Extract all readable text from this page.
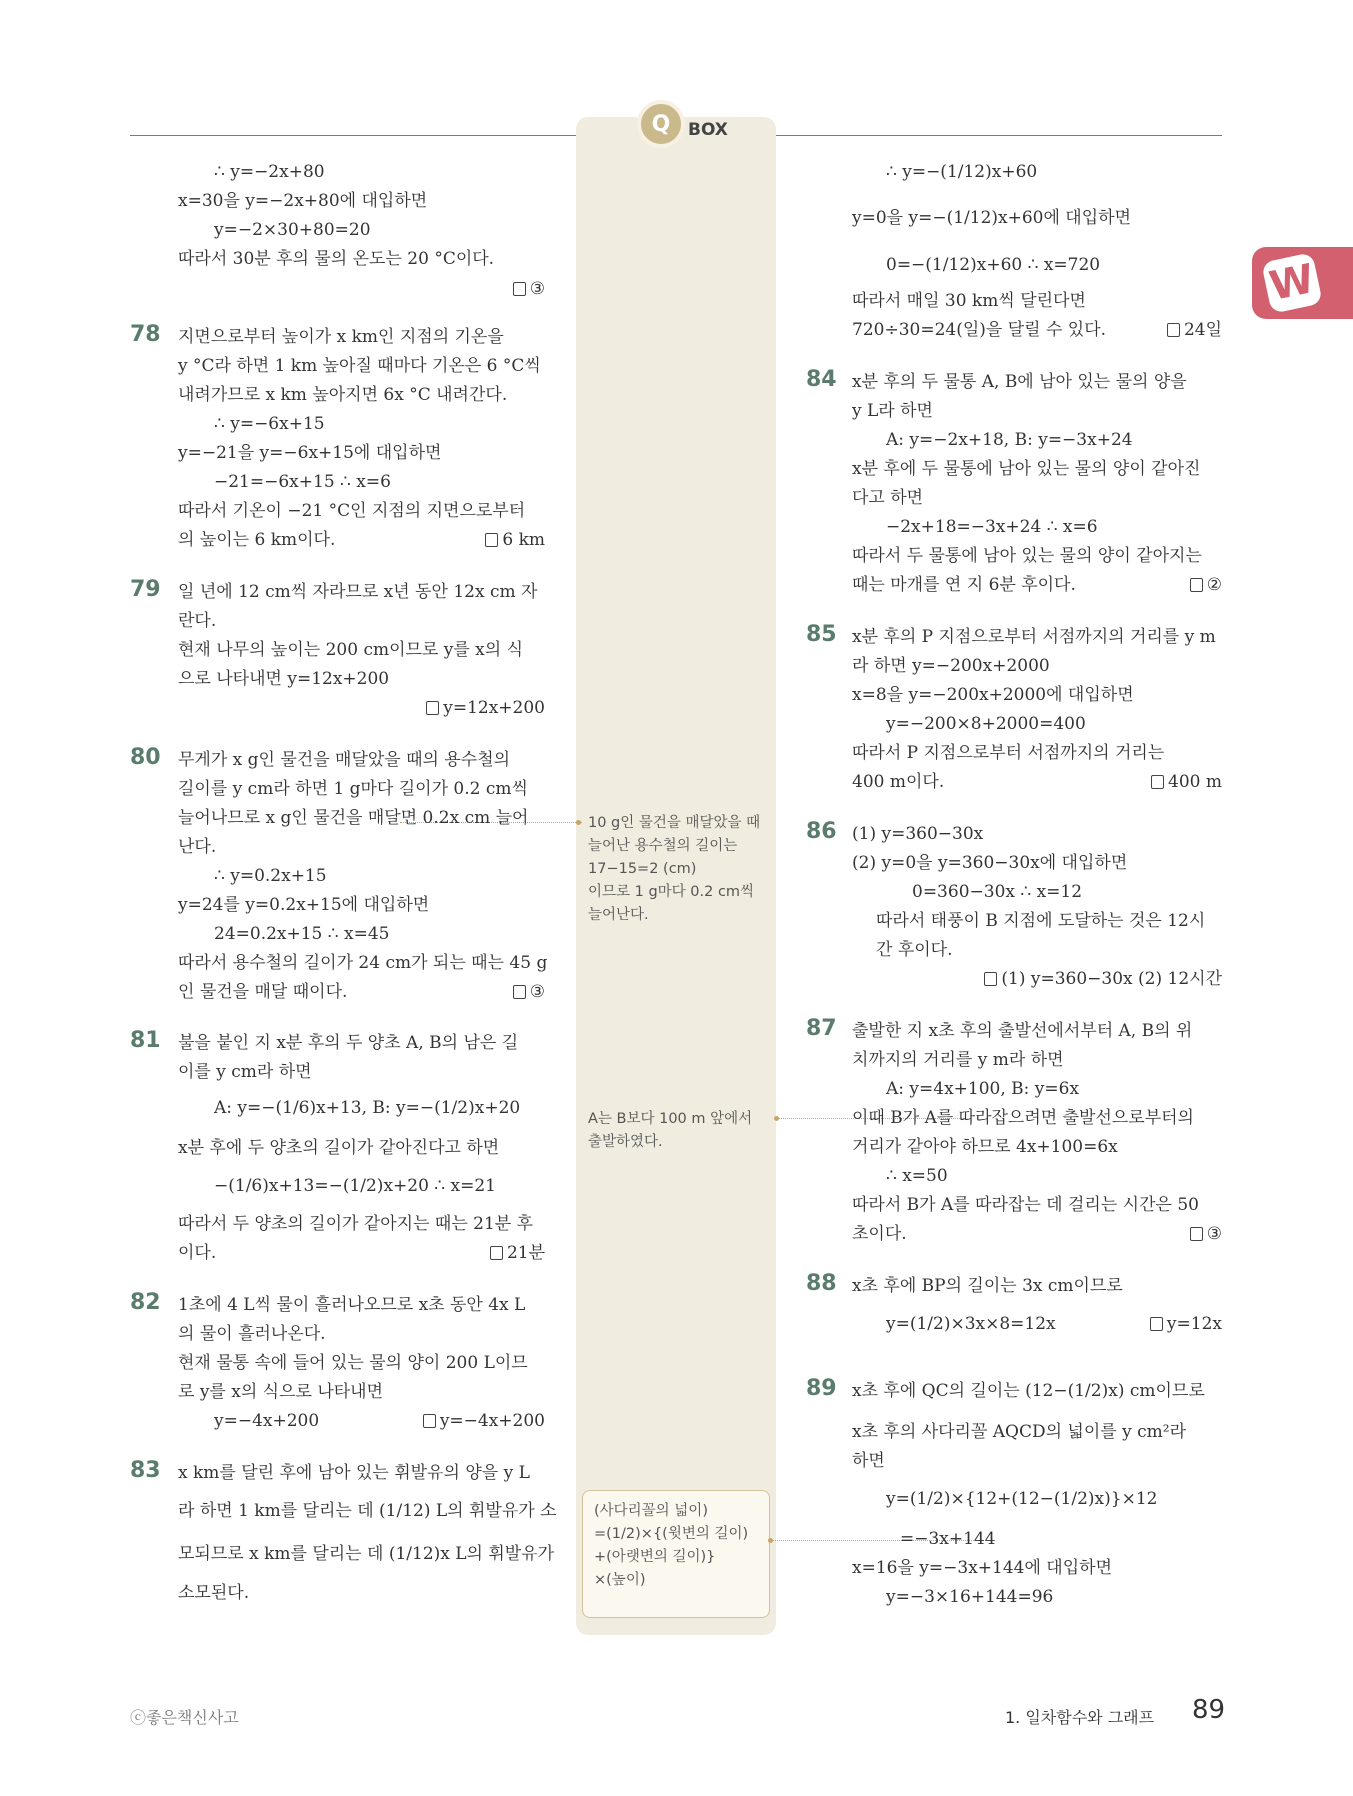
Q	BOX
W
10 g인 물건을 매달았을 때
늘어난 용수철의 길이는
17−15=2 (cm)
이므로 1 g마다 0.2 cm씩
늘어난다.
A는 B보다 100 m 앞에서
출발하였다.
(사다리꼴의 넓이)
=(1/2)×{(윗변의 길이)
+(아랫변의 길이)}
×(높이)
ⓒ좋은책신사고	1. 일차함수와 그래프 89
∴ y=−2x+80
x=30을 y=−2x+80에 대입하면
y=−2×30+80=20
따라서 30분 후의 물의 온도는 20 °C이다.
지면으로부터 높이가 x km인 지점의 기온을
y °C라 하면 1 km 높아질 때마다 기온은 6 °C씩
내려가므로 x km 높아지면 6x °C 내려간다.
∴ y=−6x+15
y=−21을 y=−6x+15에 대입하면
−21=−6x+15 ∴ x=6
따라서 기온이 −21 °C인 지점의 지면으로부터
의 높이는 6 km이다.
일 년에 12 cm씩 자라므로 x년 동안 12x cm 자
란다.
현재 나무의 높이는 200 cm이므로 y를 x의 식
으로 나타내면 y=12x+200
무게가 x g인 물건을 매달았을 때의 용수철의
길이를 y cm라 하면 1 g마다 길이가 0.2 cm씩
늘어나므로 x g인 물건을 매달면 0.2x cm 늘어
난다.
∴ y=0.2x+15
y=24를 y=0.2x+15에 대입하면
24=0.2x+15 ∴ x=45
따라서 용수철의 길이가 24 cm가 되는 때는 45 g
인 물건을 매달 때이다.
불을 붙인 지 x분 후의 두 양초 A, B의 남은 길
이를 y cm라 하면
A: y=−(1/6)x+13, B: y=−(1/2)x+20
x분 후에 두 양초의 길이가 같아진다고 하면
−(1/6)x+13=−(1/2)x+20 ∴ x=21
따라서 두 양초의 길이가 같아지는 때는 21분 후
이다.
1초에 4 L씩 물이 흘러나오므로 x초 동안 4x L
의 물이 흘러나온다.
현재 물통 속에 들어 있는 물의 양이 200 L이므
로 y를 x의 식으로 나타내면
y=−4x+200
x km를 달린 후에 남아 있는 휘발유의 양을 y L
라 하면 1 km를 달리는 데 (1/12) L의 휘발유가 소
모되므로 x km를 달리는 데 (1/12)x L의 휘발유가
소모된다.
∴ y=−(1/12)x+60
y=0을 y=−(1/12)x+60에 대입하면
0=−(1/12)x+60 ∴ x=720
따라서 매일 30 km씩 달린다면
720÷30=24(일)을 달릴 수 있다.
x분 후의 두 물통 A, B에 남아 있는 물의 양을
y L라 하면
A: y=−2x+18, B: y=−3x+24
x분 후에 두 물통에 남아 있는 물의 양이 같아진
다고 하면
−2x+18=−3x+24 ∴ x=6
따라서 두 물통에 남아 있는 물의 양이 같아지는
때는 마개를 연 지 6분 후이다.
x분 후의 P 지점으로부터 서점까지의 거리를 y m
라 하면 y=−200x+2000
x=8을 y=−200x+2000에 대입하면
y=−200×8+2000=400
따라서 P 지점으로부터 서점까지의 거리는
400 m이다.
(1) y=360−30x
(2) y=0을 y=360−30x에 대입하면
0=360−30x ∴ x=12
따라서 태풍이 B 지점에 도달하는 것은 12시
간 후이다.
출발한 지 x초 후의 출발선에서부터 A, B의 위
치까지의 거리를 y m라 하면
A: y=4x+100, B: y=6x
이때 B가 A를 따라잡으려면 출발선으로부터의
거리가 같아야 하므로 4x+100=6x
∴ x=50
따라서 B가 A를 따라잡는 데 걸리는 시간은 50
초이다.
x초 후에 BP의 길이는 3x cm이므로
y=(1/2)×3x×8=12x
x초 후에 QC의 길이는 (12−(1/2)x) cm이므로
x초 후의 사다리꼴 AQCD의 넓이를 y cm²라
하면
y=(1/2)×{12+(12−(1/2)x)}×12
=−3x+144
x=16을 y=−3x+144에 대입하면
y=−3×16+144=96
78
79
80
81
82
83
84
85
86
87
88
89
③
6 km
y=12x+200
③
21분
y=−4x+200
24일
②
400 m
(1) y=360−30x (2) 12시간
③
y=12x
